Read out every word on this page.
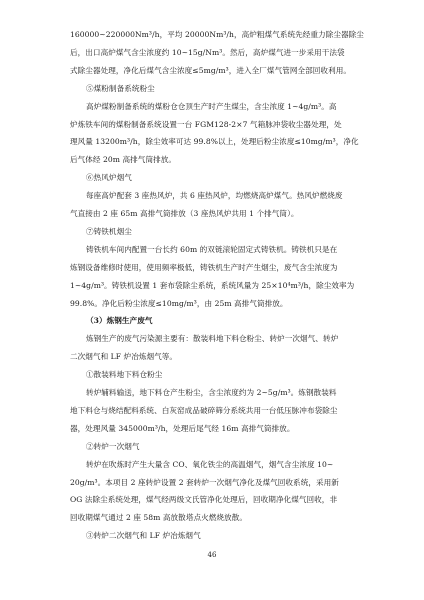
160000~220000Nm³/h，平均 20000Nm³/h，高炉粗煤气系统先经重力除尘器除尘
后，出口高炉煤气含尘浓度约 10~15g/Nm³。然后，高炉煤气进一步采用干法袋
式除尘器处理，净化后煤气含尘浓度≤5mg/m³，进入全厂煤气管网全部回收利用。
⑤煤粉制备系统粉尘
高炉煤粉制备系统的煤粉仓仓顶生产时产生煤尘，含尘浓度 1~4g/m³。高
炉炼铁车间的煤粉制备系统设置一台 FGM128-2×7 气箱脉冲袋收尘器处理，处
理风量 13200m³/h，除尘效率可达 99.8%以上，处理后粉尘浓度≤10mg/m³，净化
后气体经 20m 高排气筒排放。
⑥热风炉烟气
每座高炉配套 3 座热风炉，共 6 座热风炉，均燃烧高炉煤气。热风炉燃烧废
气直接由 2 座 65m 高排气筒排放（3 座热风炉共用 1 个排气筒）。
⑦铸铁机烟尘
铸铁机车间内配置一台长约 60m 的双链滚轮固定式铸铁机。铸铁机只是在
炼钢设备维修时使用，使用频率极低，铸铁机生产时产生烟尘，废气含尘浓度为
1~4g/m³。铸铁机设置 1 套布袋除尘系统，系统风量为 25×10⁴m³/h，除尘效率为
99.8%。净化后粉尘浓度≤10mg/m³，由 25m 高排气筒排放。
（3）炼钢生产废气
炼钢生产的废气污染源主要有：散装料地下料仓粉尘、转炉一次烟气、转炉
二次烟气和 LF 炉冶炼烟气等。
①散装料地下料仓粉尘
转炉辅料输送，地下料仓产生粉尘，含尘浓度约为 2~5g/m³。炼钢散装料
地下料仓与烧结配料系统、白灰窑成品破碎筛分系统共用一台低压脉冲布袋除尘
器，处理风量 345000m³/h，处理后尾气经 16m 高排气筒排放。
②转炉一次烟气
转炉在吹炼时产生大量含 CO、氧化铁尘的高温烟气，烟气含尘浓度 10~
20g/m³。本项目 2 座转炉设置 2 套转炉一次烟气净化及煤气回收系统，采用新
OG 法除尘系统处理，煤气经两级文氏管净化处理后，回收期净化煤气回收，非
回收期煤气通过 2 座 58m 高放散塔点火燃烧放散。
③转炉二次烟气和 LF 炉冶炼烟气
46
